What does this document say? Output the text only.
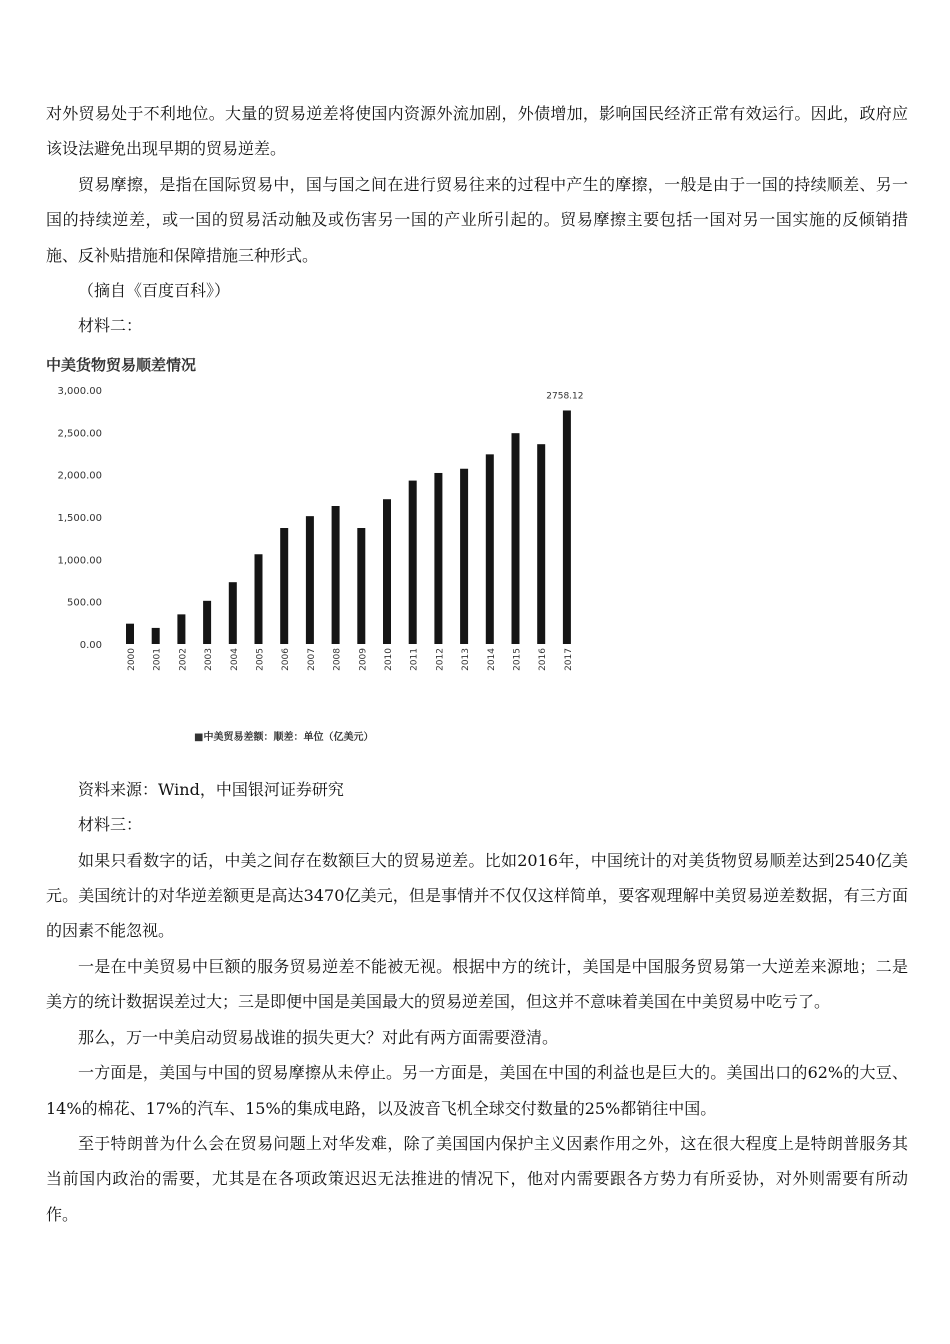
对外贸易处于不利地位。大量的贸易逆差将使国内资源外流加剧，外债增加，影响国民经济正常有效运行。因此，政府应该设法避免出现早期的贸易逆差。

贸易摩擦，是指在国际贸易中，国与国之间在进行贸易往来的过程中产生的摩擦，一般是由于一国的持续顺差、另一国的持续逆差，或一国的贸易活动触及或伤害另一国的产业所引起的。贸易摩擦主要包括一国对另一国实施的反倾销措施、反补贴措施和保障措施三种形式。

（摘自《百度百科》）

材料二：

中美货物贸易顺差情况
0.00
500.00
1,000.00
1,500.00
2,000.00
2,500.00
3,000.00
2000 2001 2002 2003 2004 2005 2006 2007 2008 2009 2010 2011 2012 2013 2014 2015 2016 2017
2758.12
■中美贸易差额：顺差：单位（亿美元）

资料来源：Wind，中国银河证券研究

材料三：

如果只看数字的话，中美之间存在数额巨大的贸易逆差。比如2016年，中国统计的对美货物贸易顺差达到2540亿美元。美国统计的对华逆差额更是高达3470亿美元，但是事情并不仅仅这样简单，要客观理解中美贸易逆差数据，有三方面的因素不能忽视。

一是在中美贸易中巨额的服务贸易逆差不能被无视。根据中方的统计，美国是中国服务贸易第一大逆差来源地；二是美方的统计数据误差过大；三是即便中国是美国最大的贸易逆差国，但这并不意味着美国在中美贸易中吃亏了。

那么，万一中美启动贸易战谁的损失更大？对此有两方面需要澄清。

一方面是，美国与中国的贸易摩擦从未停止。另一方面是，美国在中国的利益也是巨大的。美国出口的62%的大豆、14%的棉花、17%的汽车、15%的集成电路，以及波音飞机全球交付数量的25%都销往中国。

至于特朗普为什么会在贸易问题上对华发难，除了美国国内保护主义因素作用之外，这在很大程度上是特朗普服务其当前国内政治的需要，尤其是在各项政策迟迟无法推进的情况下，他对内需要跟各方势力有所妥协，对外则需要有所动作。
